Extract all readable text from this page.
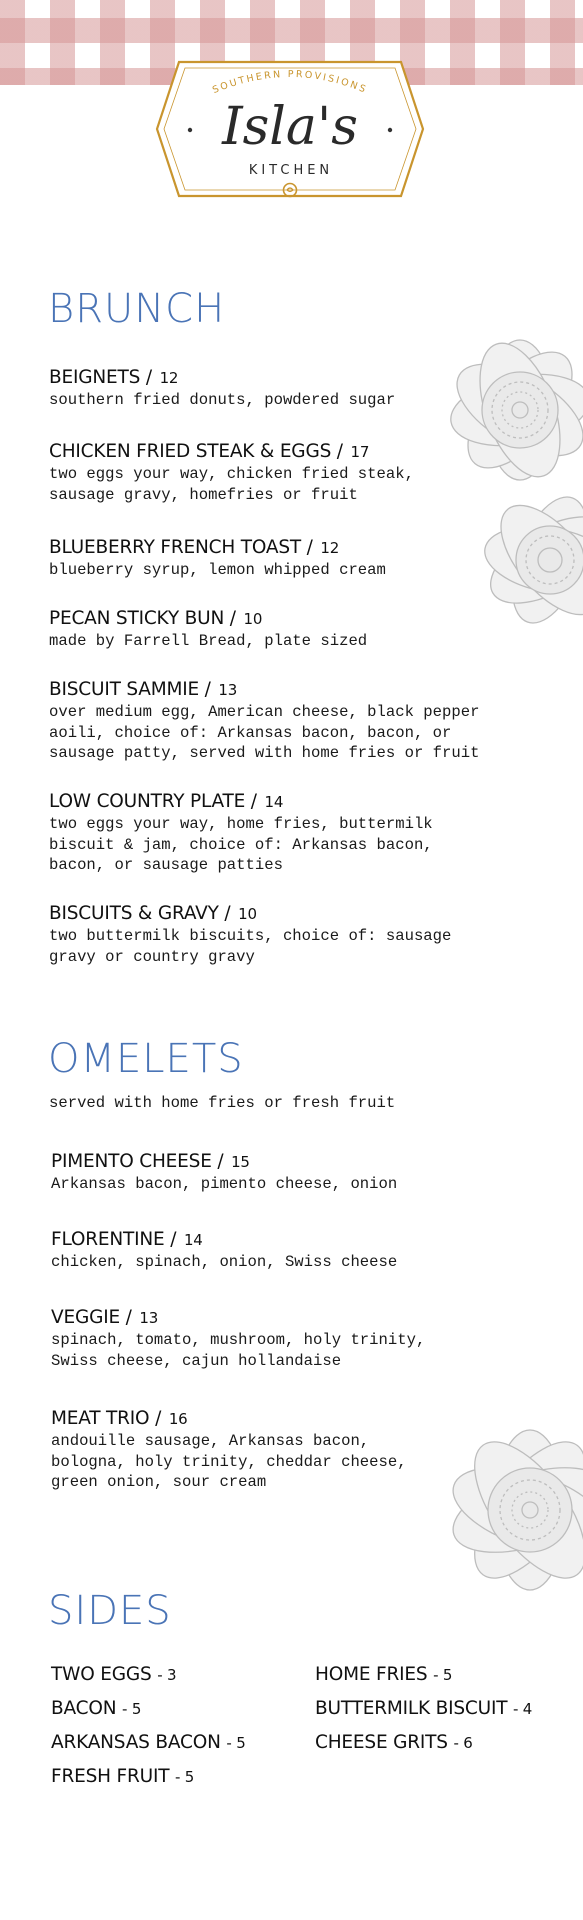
SOUTHERN PROVISIONS
Isla's
KITCHEN
BRUNCH
BEIGNETS / 12
southern fried donuts, powdered sugar
CHICKEN FRIED STEAK & EGGS / 17
two eggs your way, chicken fried steak,
sausage gravy, homefries or fruit
BLUEBERRY FRENCH TOAST / 12
blueberry syrup, lemon whipped cream
PECAN STICKY BUN / 10
made by Farrell Bread, plate sized
BISCUIT SAMMIE / 13
over medium egg, American cheese, black pepper
aoili, choice of: Arkansas bacon, bacon, or
sausage patty, served with home fries or fruit
LOW COUNTRY PLATE / 14
two eggs your way, home fries, buttermilk
biscuit & jam, choice of: Arkansas bacon,
bacon, or sausage patties
BISCUITS & GRAVY / 10
two buttermilk biscuits, choice of: sausage
gravy or country gravy
OMELETS
served with home fries or fresh fruit
PIMENTO CHEESE / 15
Arkansas bacon, pimento cheese, onion
FLORENTINE / 14
chicken, spinach, onion, Swiss cheese
VEGGIE / 13
spinach, tomato, mushroom, holy trinity,
Swiss cheese, cajun hollandaise
MEAT TRIO / 16
andouille sausage, Arkansas bacon,
bologna, holy trinity, cheddar cheese,
green onion, sour cream
SIDES
TWO EGGS - 3
BACON - 5
ARKANSAS BACON - 5
FRESH FRUIT - 5
HOME FRIES - 5
BUTTERMILK BISCUIT - 4
CHEESE GRITS - 6
